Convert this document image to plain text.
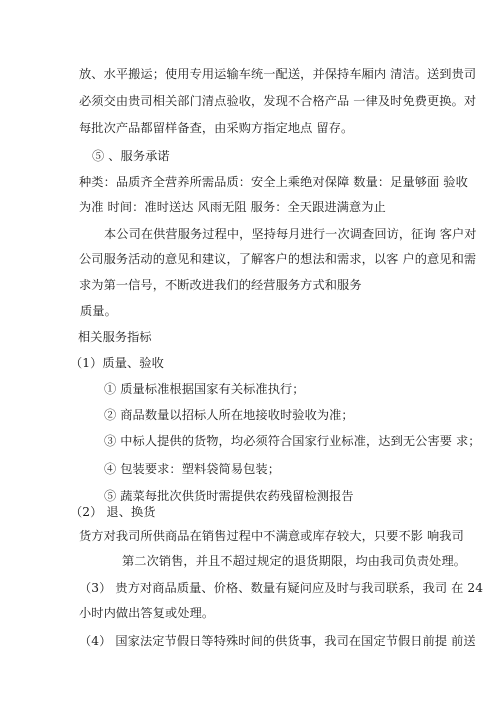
放、水平搬运；使用专用运输车统一配送，并保持车厢内 清洁。送到贵司

必须交由贵司相关部门清点验收，发现不合格产品 一律及时免费更换。对

每批次产品都留样备查，由采购方指定地点 留存。

⑤ 、服务承诺

种类：品质齐全营养所需品质：安全上乘绝对保障 数量：足量够面 验收

为准 时间：准时送达 风雨无阻 服务：全天跟进满意为止

本公司在供营服务过程中，坚持每月进行一次调查回访，征询 客户对

公司服务活动的意见和建议，了解客户的想法和需求，以客 户的意见和需

求为第一信号，不断改进我们的经营服务方式和服务

质量。

相关服务指标

（1）质量、验收

① 质量标准根据国家有关标准执行；

② 商品数量以招标人所在地接收时验收为准；

③ 中标人提供的货物，均必须符合国家行业标准，达到无公害要 求；

④ 包装要求：塑料袋简易包装；

⑤ 蔬菜每批次供货时需提供农药残留检测报告

（2） 退、换货

货方对我司所供商品在销售过程中不满意或库存较大，只要不影 响我司

第二次销售，并且不超过规定的退货期限，均由我司负责处理。

（3） 贵方对商品质量、价格、数量有疑问应及时与我司联系，我司 在 24

小时内做出答复或处理。

（4） 国家法定节假日等特殊时间的供货事，我司在国定节假日前提 前送
